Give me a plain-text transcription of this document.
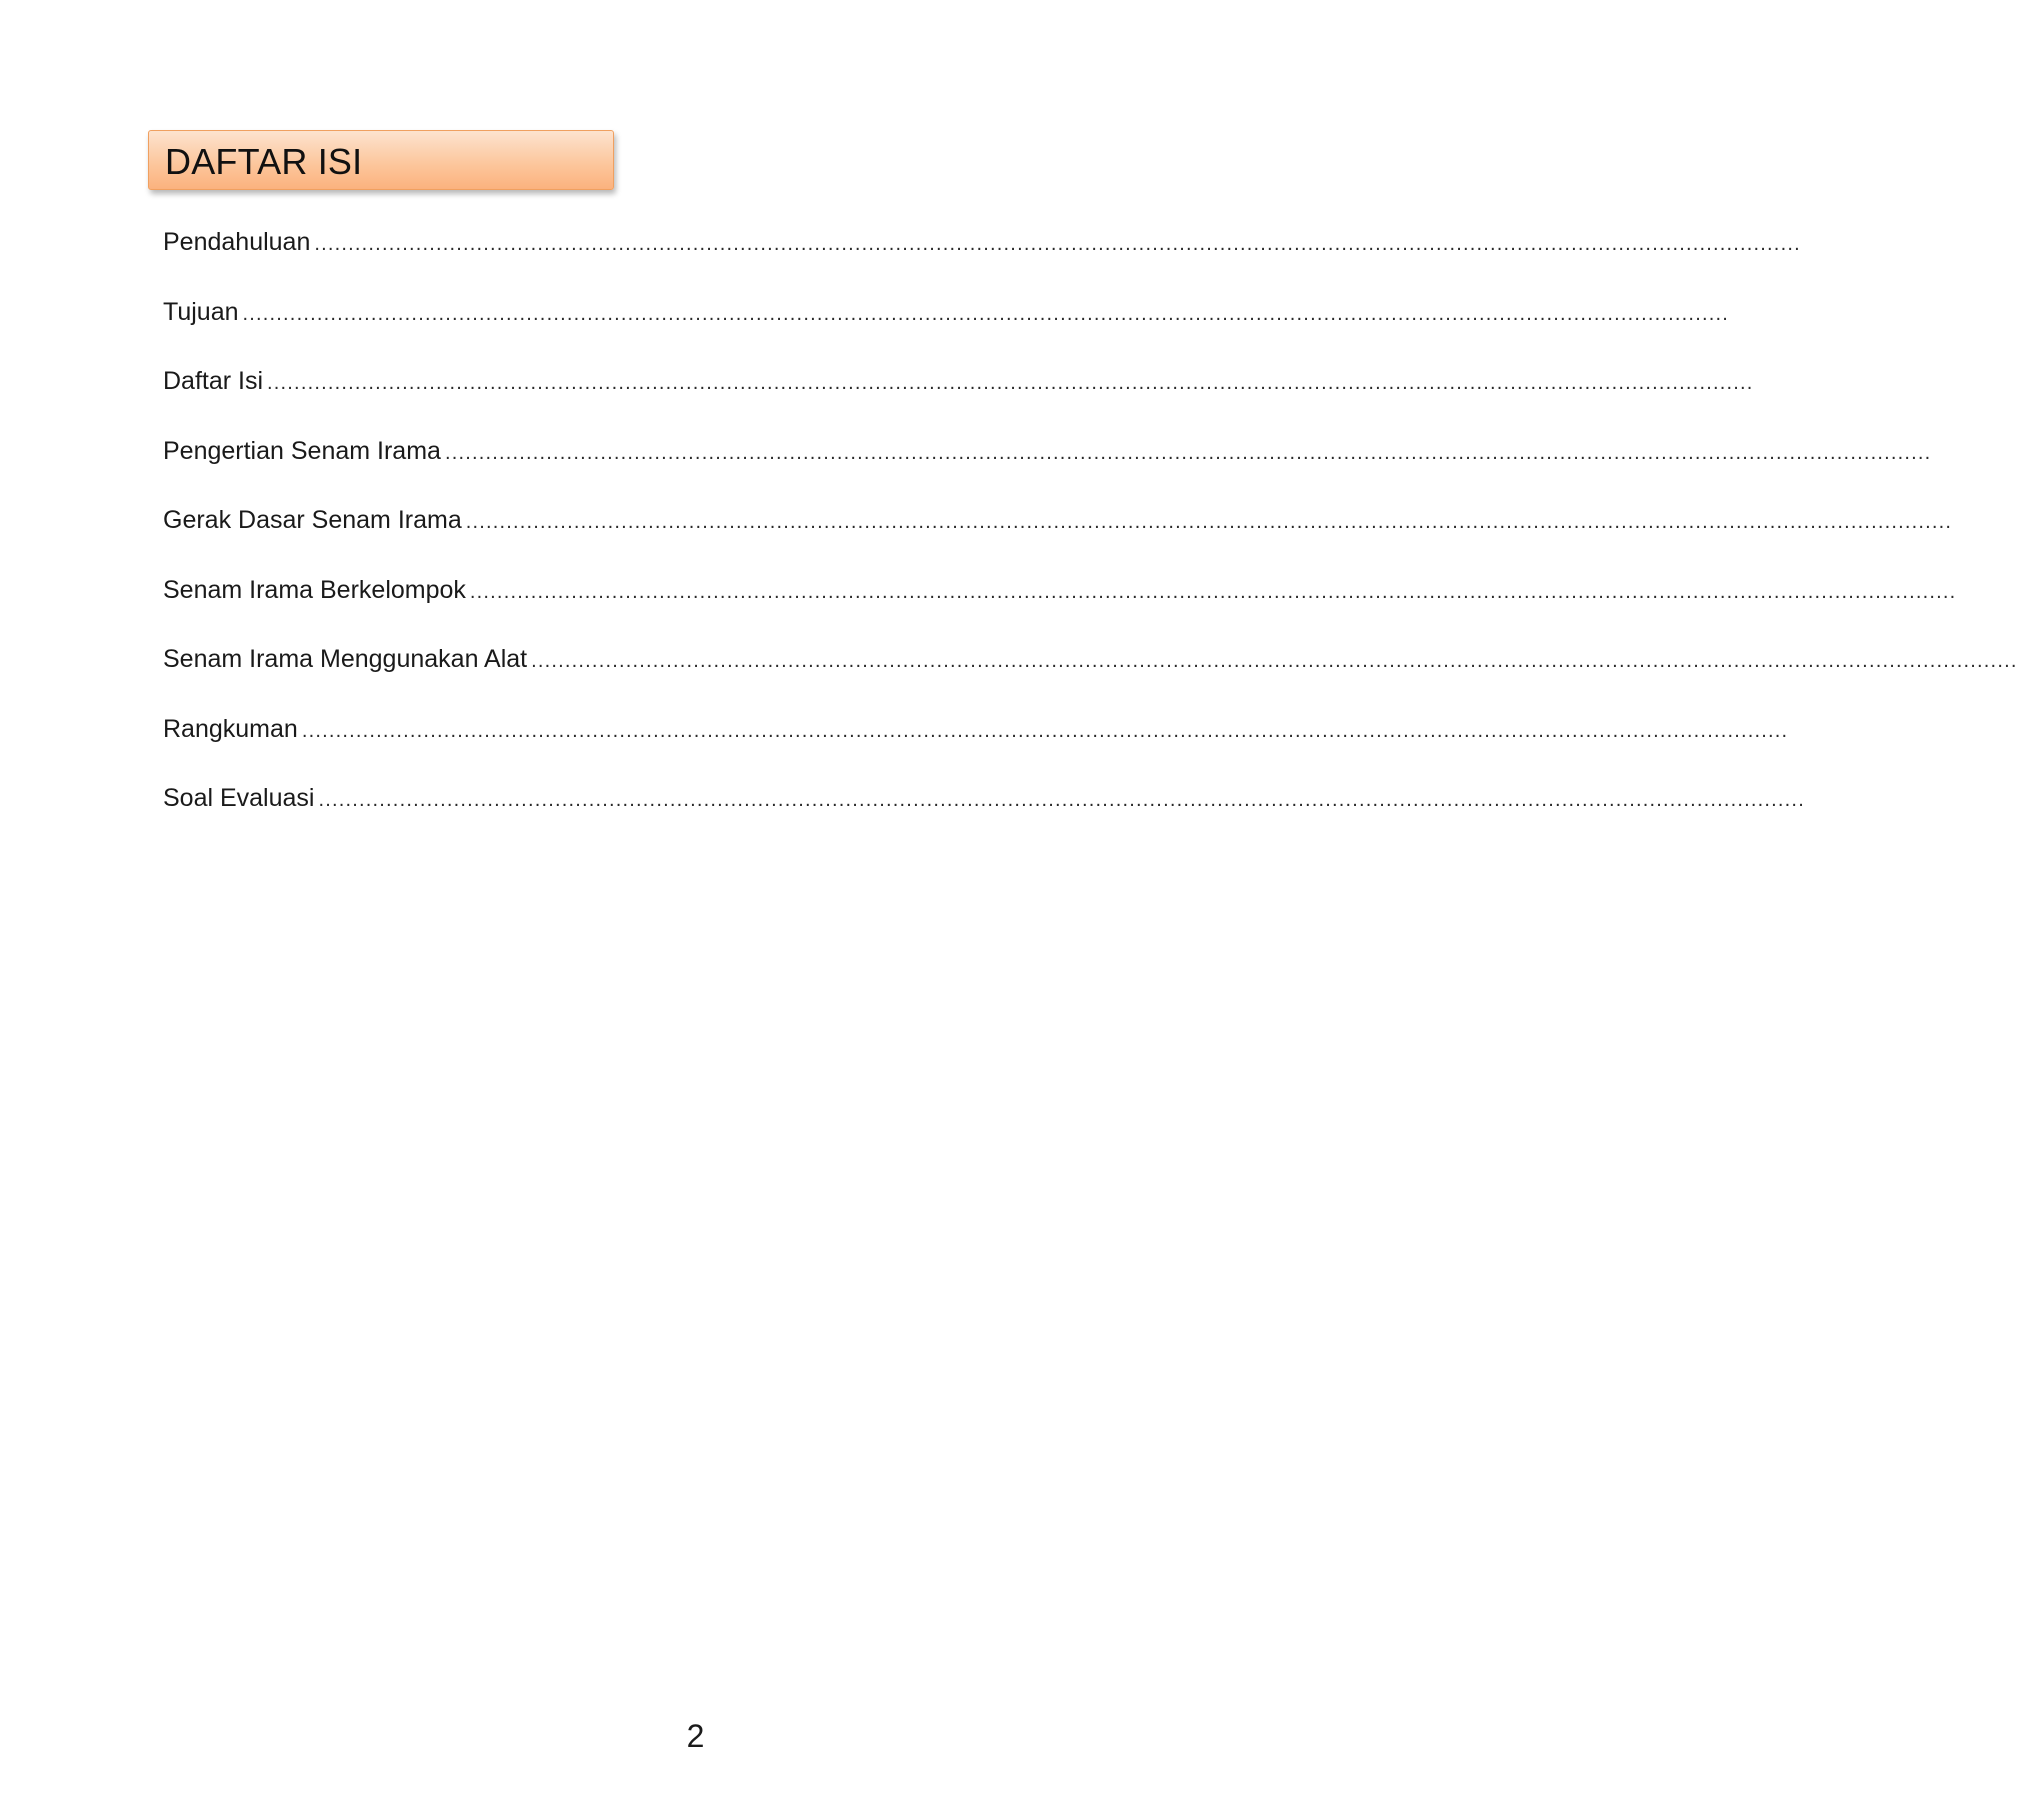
DAFTAR ISI
Pendahuluan ............................................................................................................................................................................................................................
Tujuan ............................................................................................................................................................................................................................
Daftar Isi ............................................................................................................................................................................................................................
Pengertian Senam Irama ............................................................................................................................................................................................................................
Gerak Dasar Senam Irama ............................................................................................................................................................................................................................
Senam Irama Berkelompok ............................................................................................................................................................................................................................
Senam Irama Menggunakan Alat ............................................................................................................................................................................................................................
Rangkuman ............................................................................................................................................................................................................................
Soal Evaluasi ............................................................................................................................................................................................................................
2
